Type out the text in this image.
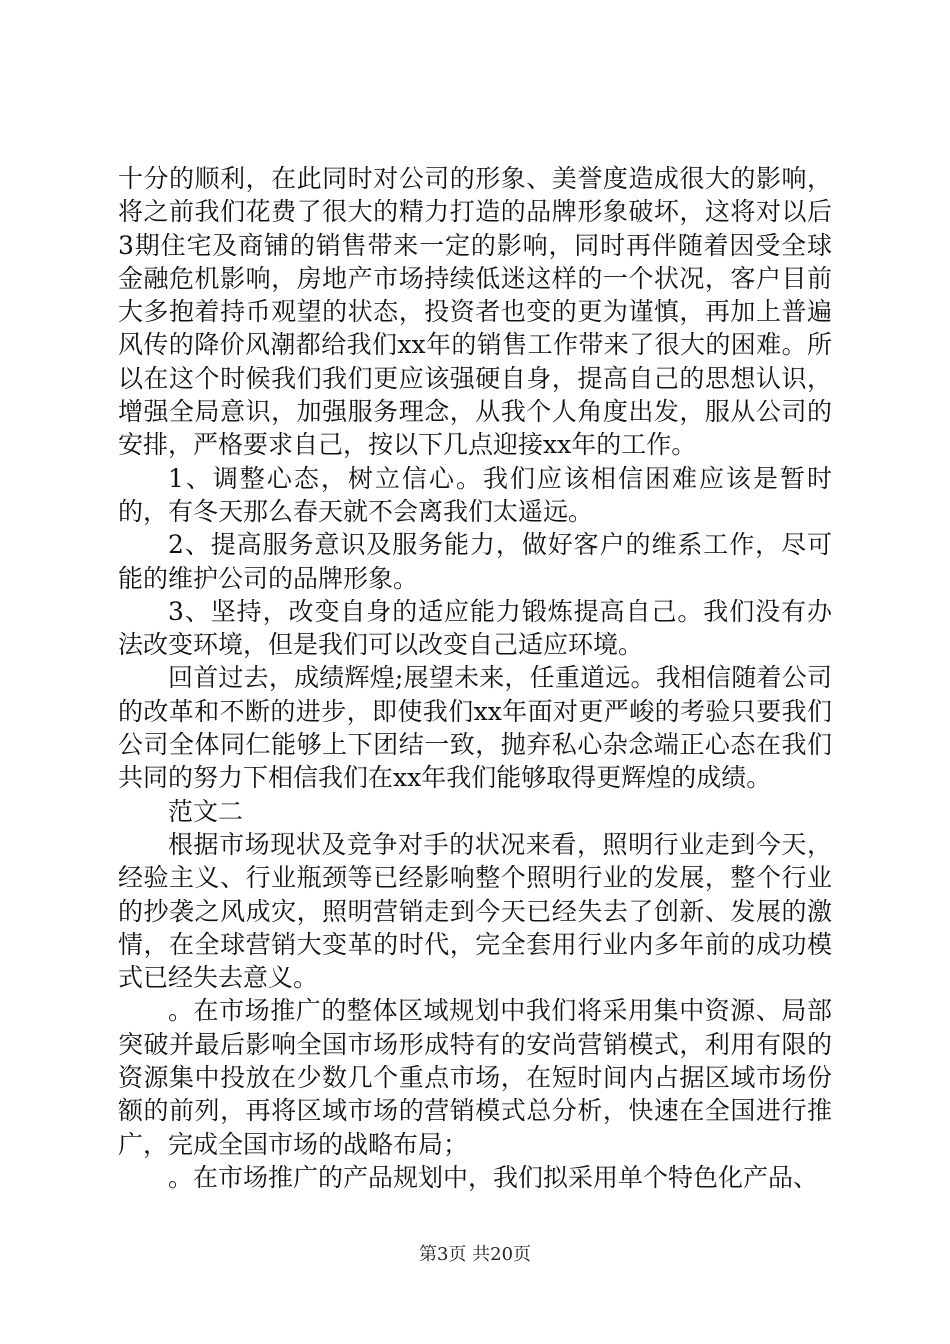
十分的顺利，在此同时对公司的形象、美誉度造成很大的影响，将之前我们花费了很大的精力打造的品牌形象破坏，这将对以后3期住宅及商铺的销售带来一定的影响，同时再伴随着因受全球金融危机影响，房地产市场持续低迷这样的一个状况，客户目前大多抱着持币观望的状态，投资者也变的更为谨慎，再加上普遍风传的降价风潮都给我们xx年的销售工作带来了很大的困难。所以在这个时候我们我们更应该强硬自身，提高自己的思想认识，增强全局意识，加强服务理念，从我个人角度出发，服从公司的安排，严格要求自己，按以下几点迎接xx年的工作。

1、调整心态，树立信心。我们应该相信困难应该是暂时的，有冬天那么春天就不会离我们太遥远。

2、提高服务意识及服务能力，做好客户的维系工作，尽可能的维护公司的品牌形象。

3、坚持，改变自身的适应能力锻炼提高自己。我们没有办法改变环境，但是我们可以改变自己适应环境。

回首过去，成绩辉煌;展望未来，任重道远。我相信随着公司的改革和不断的进步，即使我们xx年面对更严峻的考验只要我们公司全体同仁能够上下团结一致，抛弃私心杂念端正心态在我们共同的努力下相信我们在xx年我们能够取得更辉煌的成绩。

范文二

根据市场现状及竞争对手的状况来看，照明行业走到今天，经验主义、行业瓶颈等已经影响整个照明行业的发展，整个行业的抄袭之风成灾，照明营销走到今天已经失去了创新、发展的激情，在全球营销大变革的时代，完全套用行业内多年前的成功模式已经失去意义。

。在市场推广的整体区域规划中我们将采用集中资源、局部突破并最后影响全国市场形成特有的安尚营销模式，利用有限的资源集中投放在少数几个重点市场，在短时间内占据区域市场份额的前列，再将区域市场的营销模式总分析，快速在全国进行推广，完成全国市场的战略布局；

。在市场推广的产品规划中，我们拟采用单个特色化产品、

第3页 共20页
